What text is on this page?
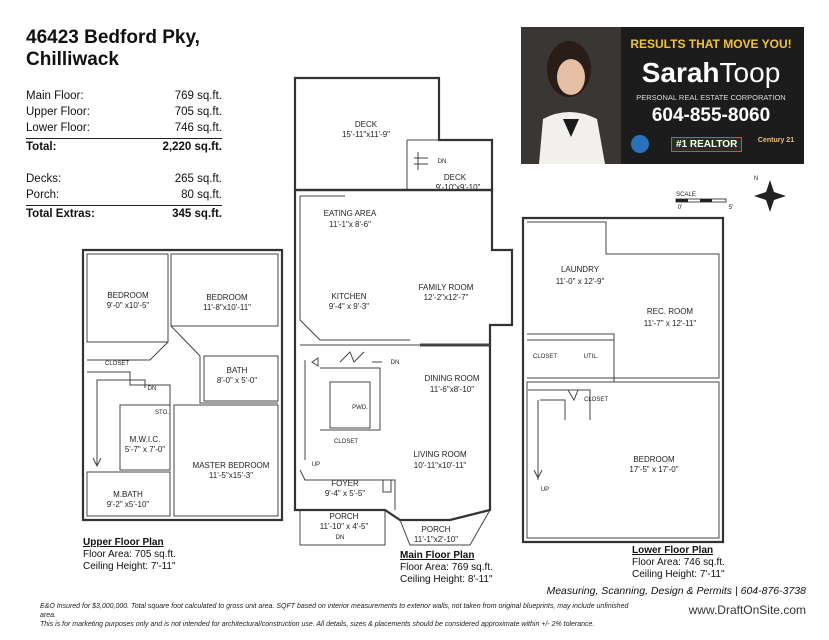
46423 Bedford Pky,
Chilliwack
Main Floor:	769 sq.ft.
Upper Floor:	705 sq.ft.
Lower Floor:	746 sq.ft.
Total:	2,220 sq.ft.
Decks:	265 sq.ft.
Porch:	80 sq.ft.
Total Extras:	345 sq.ft.
RESULTS THAT MOVE YOU!
SarahToop
PERSONAL REAL ESTATE CORPORATION
604-855-8060
#1 REALTOR	Century 21
SCALE
0'	5'
N
BEDROOM
9'-0" x10'-5"
BEDROOM
11'-8"x10'-11"
CLOSET
BATH
8'-0" x 5'-0"
DN
STO.
M.W.I.C.
5'-7" x 7'-0"
MASTER BEDROOM
11'-5"x15'-3"
M.BATH
9'-2" x5'-10"
DECK
15'-11"x11'-9"
DECK
9'-10"x9'-10"
DN
EATING AREA
11'-1"x 8'-6"
FAMILY ROOM
12'-2"x12'-7"
KITCHEN
9'-4" x 9'-3"
DN
DINING ROOM
11'-6"x8'-10"
PWD.
CLOSET
UP
LIVING ROOM
10'-11"x10'-11"
FOYER
9'-4" x 5'-5"
PORCH
11'-10" x 4'-5"	PORCH
11'-1"x2'-10"
DN
LAUNDRY
11'-0" x 12'-9"
REC. ROOM
11'-7" x 12'-11"
CLOSET	UTIL.
CLOSET
BEDROOM
17'-5" x 17'-0"
UP
Upper Floor Plan
Floor Area: 705 sq.ft.
Ceiling Height: 7'-11"
Main Floor Plan
Floor Area: 769 sq.ft.
Ceiling Height: 8'-11"
Lower Floor Plan
Floor Area: 746 sq.ft.
Ceiling Height: 7'-11"
Measuring, Scanning, Design & Permits | 604-876-3738
www.DraftOnSite.com
E&O Insured for $3,000,000. Total square foot calculated to gross unit area. SQFT based on interior measurements to exterior walls, not taken from original blueprints, may include unfinished area.
This is for marketing purposes only and is not intended for architectural/construction use. All details, sizes & placements should be considered approximate within +/- 2% tolerance.
